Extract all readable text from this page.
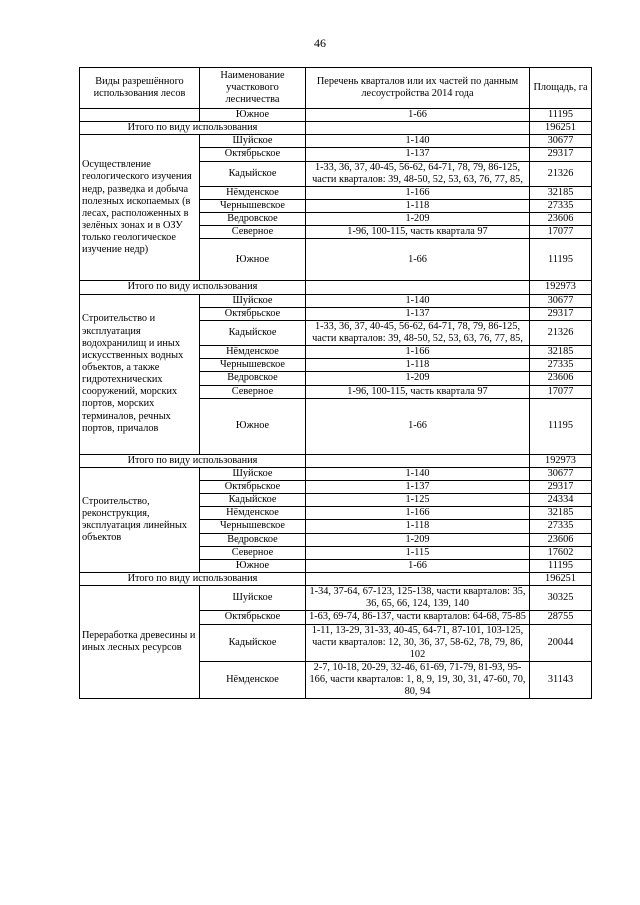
46
Виды разрешённого использования лесов	Наименование участкового лесничества	Перечень кварталов или их частей по данным лесоустройства 2014 года	Площадь, га
	Южное	1-66	11195
Итого по виду использования			196251
Осуществление геологического изучения недр, разведка и добыча полезных ископаемых (в лесах, расположенных в зелёных зонах и в ОЗУ только геологическое изучение недр)	Шуйское	1-140	30677
	Октябрьское	1-137	29317
	Кадыйское	1-33, 36, 37, 40-45, 56-62, 64-71, 78, 79, 86-125, части кварталов: 39, 48-50, 52, 53, 63, 76, 77, 85,	21326
	Нёмденское	1-166	32185
	Чернышевское	1-118	27335
	Ведровское	1-209	23606
	Северное	1-96, 100-115, часть квартала 97	17077
	Южное	1-66	11195
Итого по виду использования			192973
Строительство и эксплуатация водохранилищ и иных искусственных водных объектов, а также гидротехнических сооружений, морских портов, морских терминалов, речных портов, причалов	Шуйское	1-140	30677
	Октябрьское	1-137	29317
	Кадыйское	1-33, 36, 37, 40-45, 56-62, 64-71, 78, 79, 86-125, части кварталов: 39, 48-50, 52, 53, 63, 76, 77, 85,	21326
	Нёмденское	1-166	32185
	Чернышевское	1-118	27335
	Ведровское	1-209	23606
	Северное	1-96, 100-115, часть квартала 97	17077
	Южное	1-66	11195
Итого по виду использования			192973
Строительство, реконструкция, эксплуатация линейных объектов	Шуйское	1-140	30677
	Октябрьское	1-137	29317
	Кадыйское	1-125	24334
	Нёмденское	1-166	32185
	Чернышевское	1-118	27335
	Ведровское	1-209	23606
	Северное	1-115	17602
	Южное	1-66	11195
Итого по виду использования			196251
Переработка древесины и иных лесных ресурсов	Шуйское	1-34, 37-64, 67-123, 125-138, части кварталов: 35, 36, 65, 66, 124, 139, 140	30325
	Октябрьское	1-63, 69-74, 86-137, части кварталов: 64-68, 75-85	28755
	Кадыйское	1-11, 13-29, 31-33, 40-45, 64-71, 87-101, 103-125, части кварталов: 12, 30, 36, 37, 58-62, 78, 79, 86, 102	20044
	Нёмденское	2-7, 10-18, 20-29, 32-46, 61-69, 71-79, 81-93, 95-166, части кварталов: 1, 8, 9, 19, 30, 31, 47-60, 70, 80, 94	31143
